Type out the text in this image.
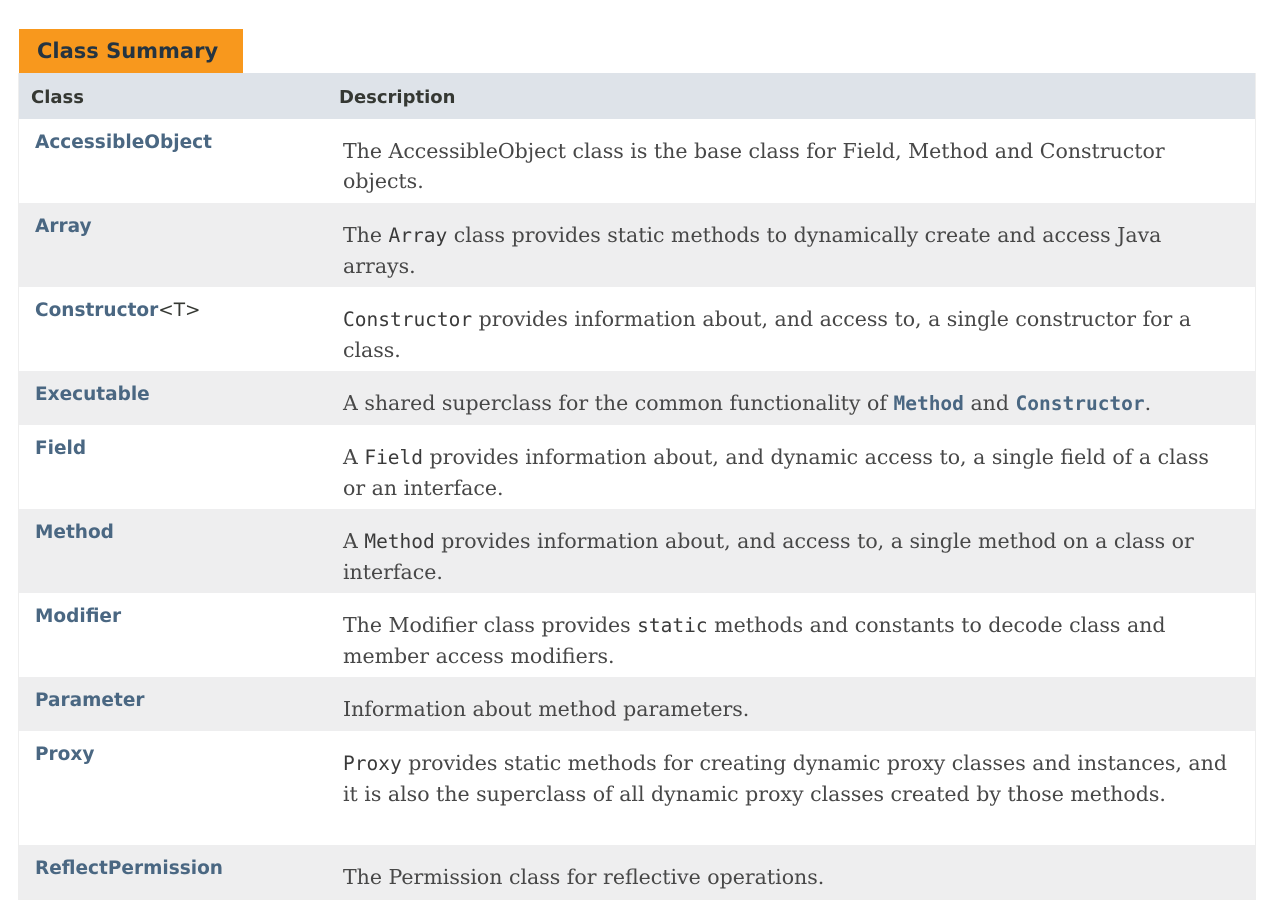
Class Summary
Class	Description
AccessibleObject	The AccessibleObject class is the base class for Field, Method and Constructor objects.
Array	The Array class provides static methods to dynamically create and access Java arrays.
Constructor<T>	Constructor provides information about, and access to, a single constructor for a class.
Executable	A shared superclass for the common functionality of Method and Constructor.
Field	A Field provides information about, and dynamic access to, a single field of a class or an interface.
Method	A Method provides information about, and access to, a single method on a class or interface.
Modifier	The Modifier class provides static methods and constants to decode class and member access modifiers.
Parameter	Information about method parameters.
Proxy	Proxy provides static methods for creating dynamic proxy classes and instances, and it is also the superclass of all dynamic proxy classes created by those methods.
ReflectPermission	The Permission class for reflective operations.
